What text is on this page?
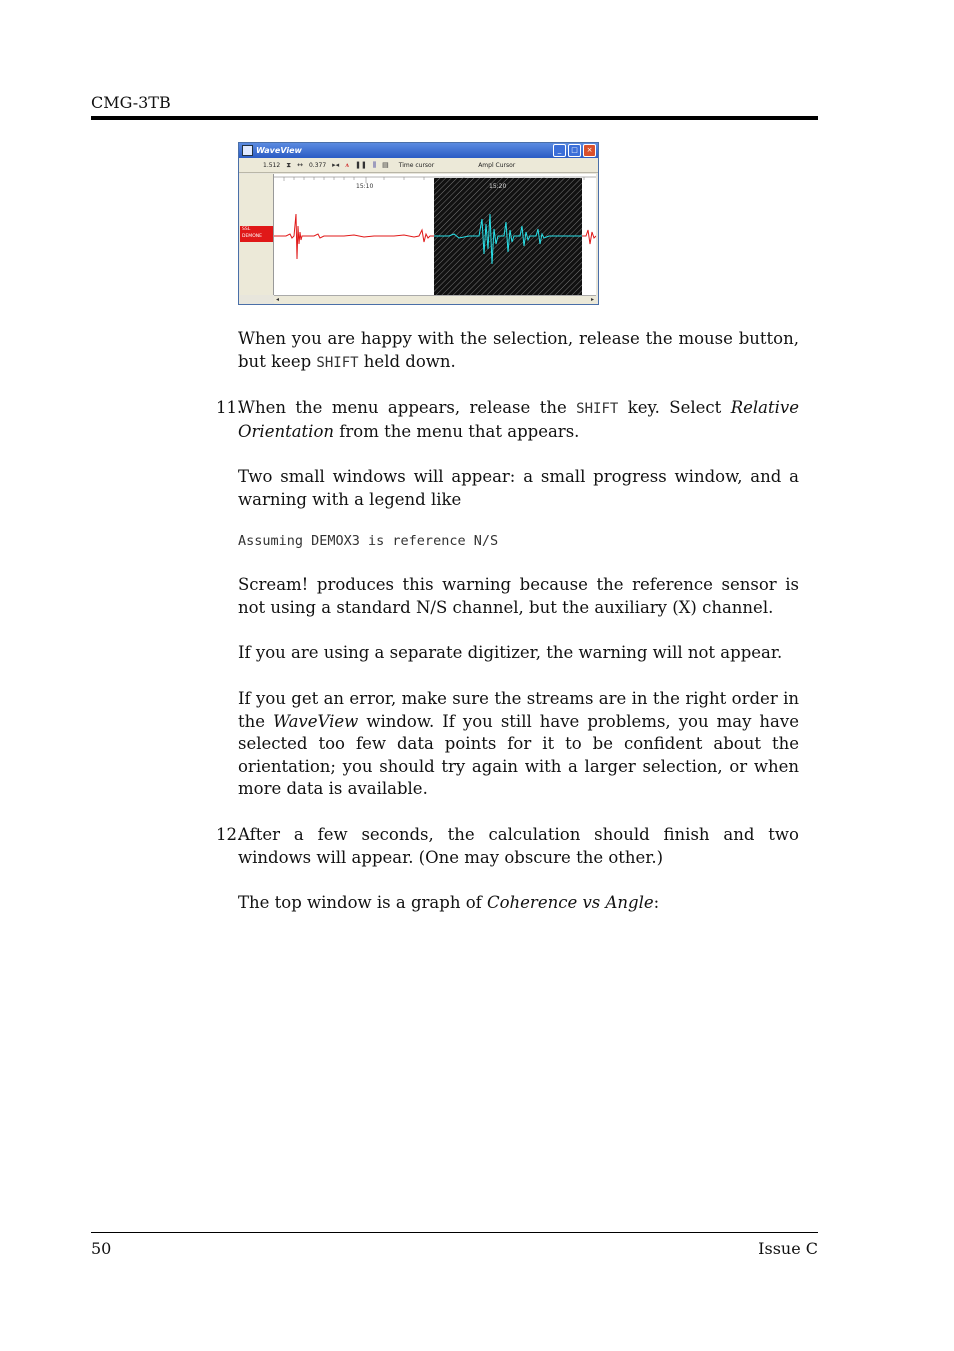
CMG-3TB
WaveView	_	□	×
1.512 ⧗ ↔ 0.377 ▸◂ ⩚ ❚❚ ⫼ ▤ Time cursor	Ampl Cursor
SSL
DEMONE
15:10	15:20
◂	▸

When you are happy with the selection, release the mouse button, but keep SHIFT held down.

11.

When the menu appears, release the SHIFT key. Select Relative Orientation from the menu that appears.

Two small windows will appear: a small progress window, and a warning with a legend like

Assuming DEMOX3 is reference N/S

Scream! produces this warning because the reference sensor is not using a standard N/S channel, but the auxiliary (X) channel.

If you are using a separate digitizer, the warning will not appear.

If you get an error, make sure the streams are in the right order in the WaveView window. If you still have problems, you may have selected too few data points for it to be confident about the orientation; you should try again with a larger selection, or when more data is available.

12.

After a few seconds, the calculation should finish and two windows will appear. (One may obscure the other.)

The top window is a graph of Coherence vs Angle:

50	Issue C
